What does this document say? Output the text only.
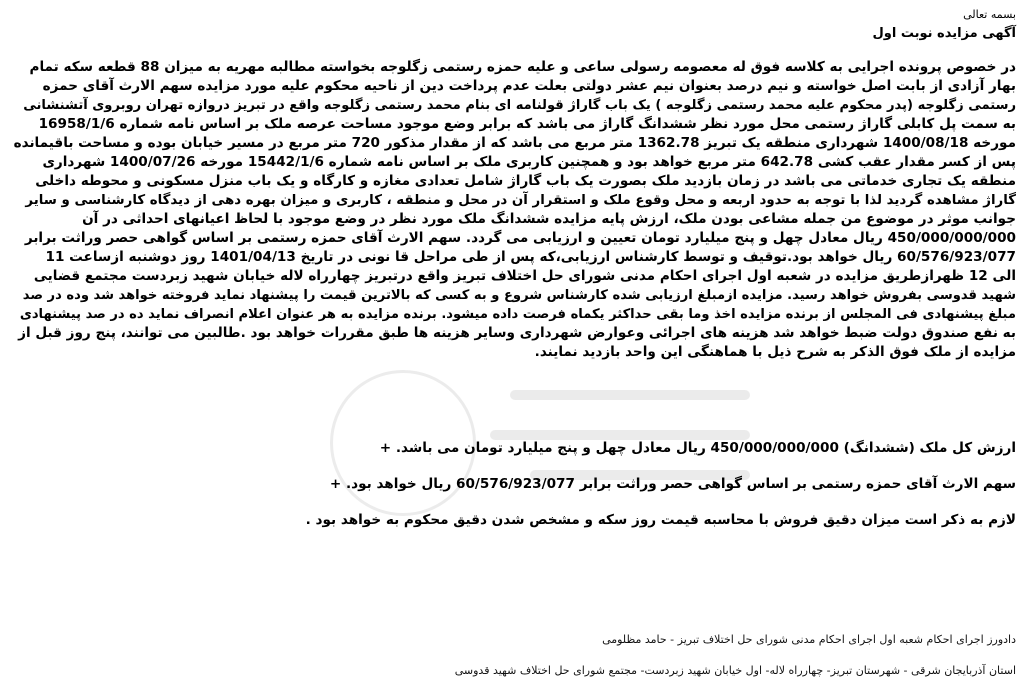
بسمه تعالی
آگهی مزایده نوبت اول
در خصوص پرونده اجرایی به کلاسه فوق له معصومه رسولی ساعی و علیه حمزه رستمی زگلوجه بخواسته مطالبه مهریه به میزان 88 قطعه سکه تمام
بهار آزادی از بابت اصل خواسته و نیم درصد بعنوان نیم عشر دولتی بعلت عدم پرداخت دین از ناحیه محکوم علیه مورد مزایده سهم الارث آقای حمزه
رستمی زگلوجه (پدر محکوم علیه محمد رستمی زگلوجه ) یک باب گاراژ قولنامه ای بنام محمد رستمی زگلوجه واقع در تبریز دروازه تهران روبروی آتشنشانی
به سمت پل کابلی گاراژ رستمی محل مورد نظر ششدانگ گاراژ می باشد که برابر وضع موجود مساحت عرصه ملک بر اساس نامه شماره 16958/1/6
مورخه 1400/08/18 شهرداری منطقه یک تبریز 1362.78 متر مربع می باشد که از مقدار مذکور 720 متر مربع در مسیر خیابان بوده و مساحت باقیمانده
پس از کسر مقدار عقب کشی 642.78 متر مربع خواهد بود و همچنین کاربری ملک بر اساس نامه شماره 15442/1/6 مورخه 1400/07/26 شهرداری
منطقه یک تجاری خدماتی می باشد در زمان بازدید ملک بصورت یک باب گاراژ شامل تعدادی مغازه و کارگاه و یک باب منزل مسکونی و محوطه داخلی
گاراژ مشاهده گردید لذا با توجه به حدود اربعه و محل وقوع ملک و استقرار آن در محل و منطقه ، کاربری و میزان بهره دهی از دیدگاه کارشناسی و سایر
جوانب موثر در موضوع من جمله مشاعی بودن ملک، ارزش پایه مزایده ششدانگ ملک مورد نظر در وضع موجود با لحاظ اعیانهای احداثی در آن
450/000/000/000 ریال معادل چهل و پنج میلیارد تومان تعیین و ارزیابی می گردد. سهم الارث آقای حمزه رستمی بر اساس گواهی حصر وراثت برابر
60/576/923/077 ریال خواهد بود.توقیف و توسط کارشناس ارزیابی،که پس از طی مراحل قا نونی در تاریخ 1401/04/13 روز دوشنبه ازساعت 11
الی 12 ظهرازطریق مزایده در شعبه اول اجرای احکام مدنی شورای حل اختلاف تبریز واقع درتبریز چهارراه لاله خیابان شهید زبردست مجتمع قضایی
شهید قدوسی بفروش خواهد رسید. مزایده ازمبلغ ارزیابی شده کارشناس شروع و به کسی که بالاترین قیمت را پیشنهاد نماید فروخته خواهد شد وده در صد
مبلغ پیشنهادی فی المجلس از برنده مزایده اخذ وما بقی حداکثر یکماه فرصت داده میشود. برنده مزایده به هر عنوان اعلام انصراف نماید ده در صد پیشنهادی
به نفع صندوق دولت ضبط خواهد شد هزینه های اجرائی وعوارض شهرداری وسایر هزینه ها طبق مقررات خواهد بود .طالبین می توانند، پنج روز قبل از
مزایده از ملک فوق الذکر به شرح ذیل با هماهنگی این واحد بازدید نمایند.
ارزش کل ملک (ششدانگ) 450/000/000/000 ریال معادل چهل و پنج میلیارد تومان می باشد. +
سهم الارث آقای حمزه رستمی بر اساس گواهی حصر وراثت برابر 60/576/923/077 ریال خواهد بود. +
لازم به ذکر است میزان دقیق فروش با محاسبه قیمت روز سکه و مشخص شدن دقیق محکوم به خواهد بود .
دادورز اجرای احکام شعبه اول اجرای احکام مدنی شورای حل اختلاف تبریز - حامد مظلومی
استان آذربایجان شرقی - شهرستان تبریز- چهارراه لاله- اول خیابان شهید زبردست- مجتمع شورای حل اختلاف شهید قدوسی
